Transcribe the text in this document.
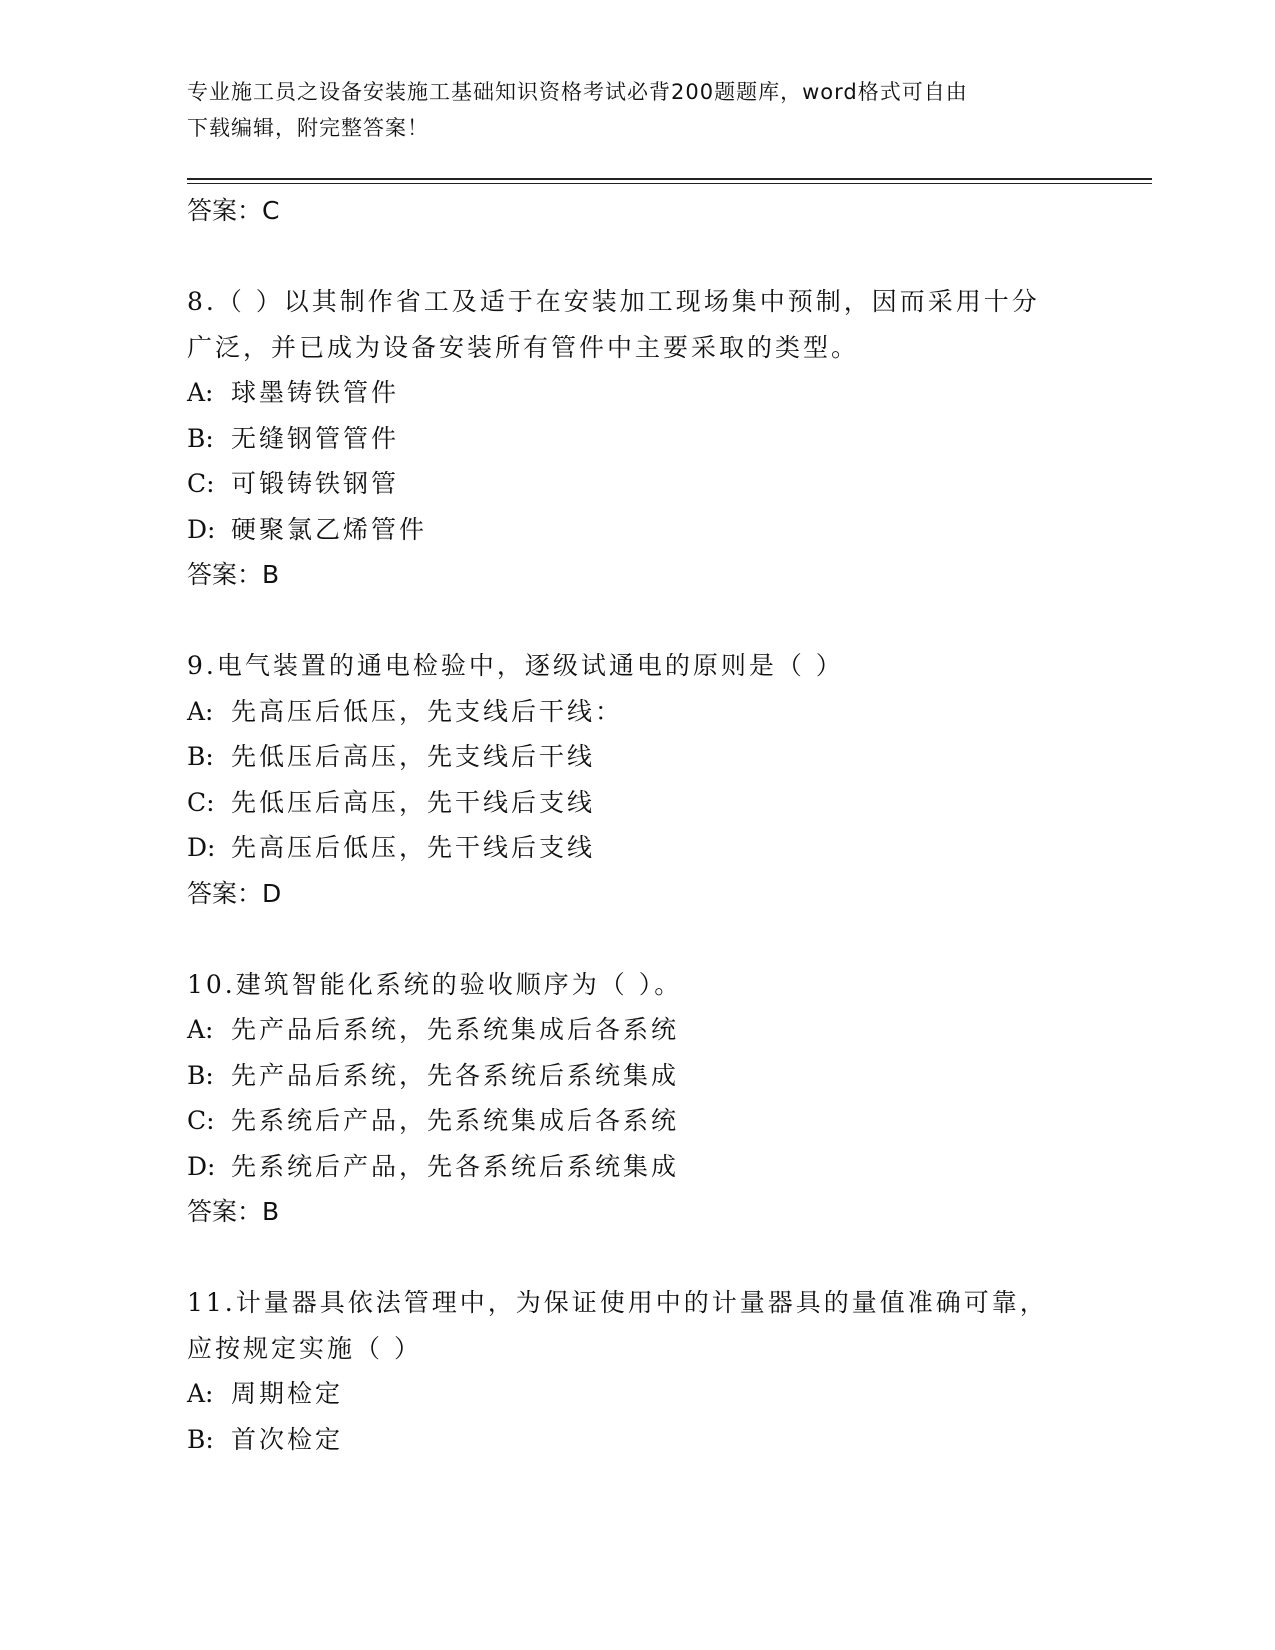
专业施工员之设备安装施工基础知识资格考试必背200题题库，word格式可自由
下载编辑，附完整答案！
答案：C
8.（ ）以其制作省工及适于在安装加工现场集中预制，因而采用十分
广泛，并已成为设备安装所有管件中主要采取的类型。
A: 球墨铸铁管件
B: 无缝钢管管件
C: 可锻铸铁钢管
D: 硬聚氯乙烯管件
答案：B
9.电气装置的通电检验中，逐级试通电的原则是（ ）
A: 先高压后低压，先支线后干线：
B: 先低压后高压，先支线后干线
C: 先低压后高压，先干线后支线
D: 先高压后低压，先干线后支线
答案：D
10.建筑智能化系统的验收顺序为（ ）。
A: 先产品后系统，先系统集成后各系统
B: 先产品后系统，先各系统后系统集成
C: 先系统后产品，先系统集成后各系统
D: 先系统后产品，先各系统后系统集成
答案：B
11.计量器具依法管理中，为保证使用中的计量器具的量值准确可靠，
应按规定实施（ ）
A: 周期检定
B: 首次检定
